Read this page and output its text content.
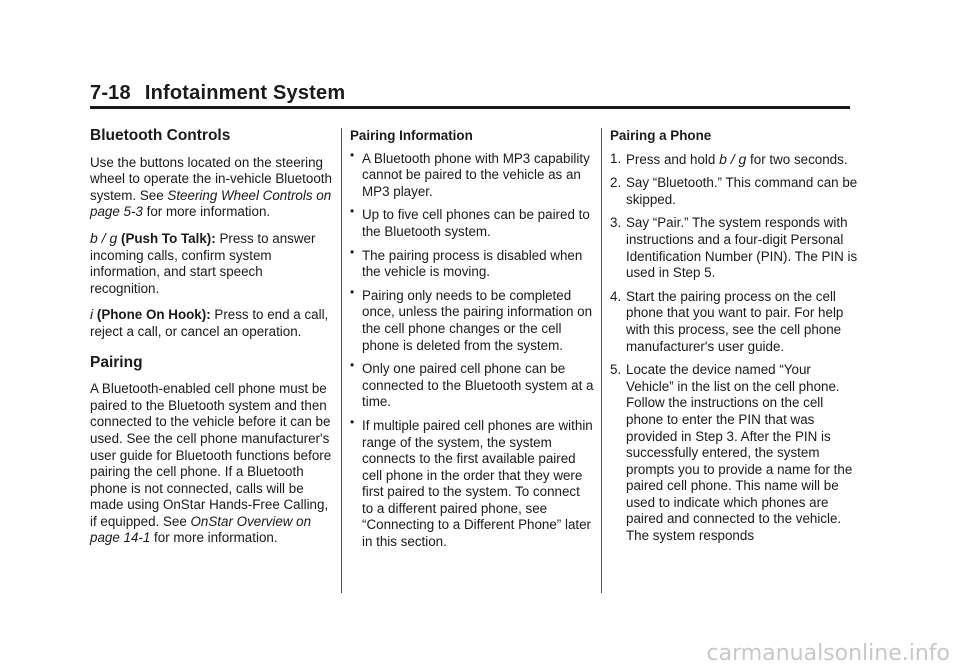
7-18 Infotainment System
Bluetooth Controls

Use the buttons located on the steering wheel to operate the in-vehicle Bluetooth system. See Steering Wheel Controls on page 5-3 for more information.

b / g (Push To Talk): Press to answer incoming calls, confirm system information, and start speech recognition.

i (Phone On Hook): Press to end a call, reject a call, or cancel an operation.

Pairing

A Bluetooth-enabled cell phone must be paired to the Bluetooth system and then connected to the vehicle before it can be used. See the cell phone manufacturer's user guide for Bluetooth functions before pairing the cell phone. If a Bluetooth phone is not connected, calls will be made using OnStar Hands-Free Calling, if equipped. See OnStar Overview on page 14-1 for more information.

Pairing Information
• A Bluetooth phone with MP3 capability cannot be paired to the vehicle as an MP3 player.
• Up to five cell phones can be paired to the Bluetooth system.
• The pairing process is disabled when the vehicle is moving.
• Pairing only needs to be completed once, unless the pairing information on the cell phone changes or the cell phone is deleted from the system.
• Only one paired cell phone can be connected to the Bluetooth system at a time.
• If multiple paired cell phones are within range of the system, the system connects to the first available paired cell phone in the order that they were first paired to the system. To connect to a different paired phone, see “Connecting to a Different Phone” later in this section.
Pairing a Phone
1. Press and hold b / g for two seconds.
2. Say “Bluetooth.” This command can be skipped.
3. Say “Pair.” The system responds with instructions and a four-digit Personal Identification Number (PIN). The PIN is used in Step 5.
4. Start the pairing process on the cell phone that you want to pair. For help with this process, see the cell phone manufacturer's user guide.
5. Locate the device named “Your Vehicle” in the list on the cell phone. Follow the instructions on the cell phone to enter the PIN that was provided in Step 3. After the PIN is successfully entered, the system prompts you to provide a name for the paired cell phone. This name will be used to indicate which phones are paired and connected to the vehicle. The system responds
carmanualsonline.info
